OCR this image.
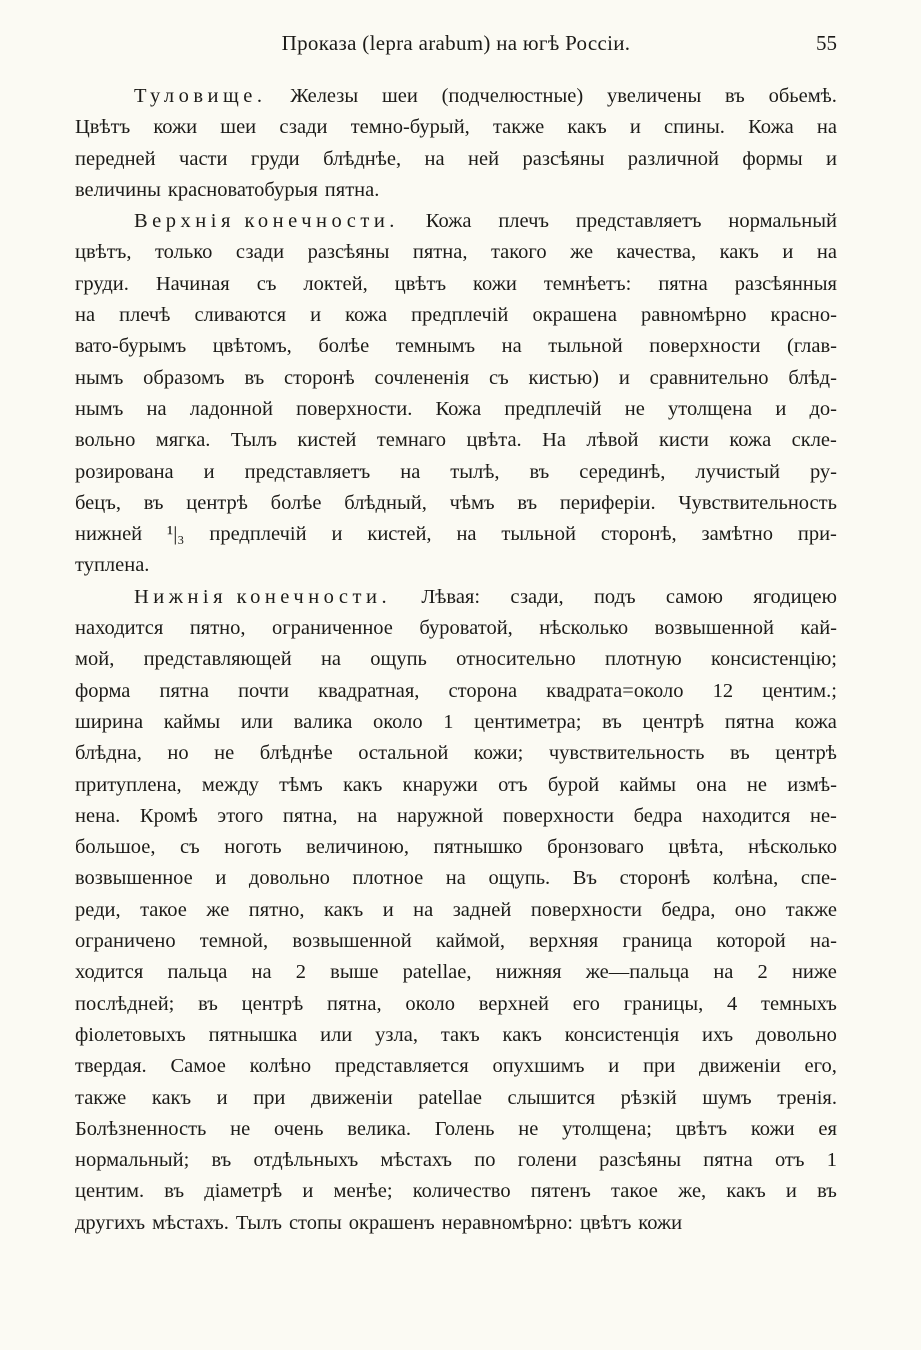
Проказа (lepra arabum) на югѣ Россіи.	55
Туловище. Железы шеи (подчелюстные) увеличены въ обьемѣ.
Цвѣтъ кожи шеи сзади темно-бурый, также какъ и спины. Кожа на
передней части груди блѣднѣе, на ней разсѣяны различной формы и
величины красноватобурыя пятна.
Верхнія конечности. Кожа плечъ представляетъ нормальный
цвѣтъ, только сзади разсѣяны пятна, такого же качества, какъ и на
груди. Начиная съ локтей, цвѣтъ кожи темнѣетъ: пятна разсѣянныя
на плечѣ сливаются и кожа предплечій окрашена равномѣрно красно-
вато-бурымъ цвѣтомъ, болѣе темнымъ на тыльной поверхности (глав-
нымъ образомъ въ сторонѣ сочлененія съ кистью) и сравнительно блѣд-
нымъ на ладонной поверхности. Кожа предплечій не утолщена и до-
вольно мягка. Тылъ кистей темнаго цвѣта. На лѣвой кисти кожа скле-
розирована и представляетъ на тылѣ, въ серединѣ, лучистый ру-
бецъ, въ центрѣ болѣе блѣдный, чѣмъ въ периферіи. Чувствительность
нижней ¹|₃ предплечій и кистей, на тыльной сторонѣ, замѣтно при-
туплена.
Нижнія конечности. Лѣвая: сзади, подъ самою ягодицею
находится пятно, ограниченное буроватой, нѣсколько возвышенной кай-
мой, представляющей на ощупь относительно плотную консистенцію;
форма пятна почти квадратная, сторона квадрата=около 12 центим.;
ширина каймы или валика около 1 центиметра; въ центрѣ пятна кожа
блѣдна, но не блѣднѣе остальной кожи; чувствительность въ центрѣ
притуплена, между тѣмъ какъ кнаружи отъ бурой каймы она не измѣ-
нена. Кромѣ этого пятна, на наружной поверхности бедра находится не-
большое, съ ноготь величиною, пятнышко бронзоваго цвѣта, нѣсколько
возвышенное и довольно плотное на ощупь. Въ сторонѣ колѣна, спе-
реди, такое же пятно, какъ и на задней поверхности бедра, оно также
ограничено темной, возвышенной каймой, верхняя граница которой на-
ходится пальца на 2 выше patellae, нижняя же—пальца на 2 ниже
послѣдней; въ центрѣ пятна, около верхней его границы, 4 темныхъ
фіолетовыхъ пятнышка или узла, такъ какъ консистенція ихъ довольно
твердая. Самое колѣно представляется опухшимъ и при движеніи его,
также какъ и при движеніи patellae слышится рѣзкій шумъ тренія.
Болѣзненность не очень велика. Голень не утолщена; цвѣтъ кожи ея
нормальный; въ отдѣльныхъ мѣстахъ по голени разсѣяны пятна отъ 1
центим. въ діаметрѣ и менѣе; количество пятенъ такое же, какъ и въ
другихъ мѣстахъ. Тылъ стопы окрашенъ неравномѣрно: цвѣтъ кожи
